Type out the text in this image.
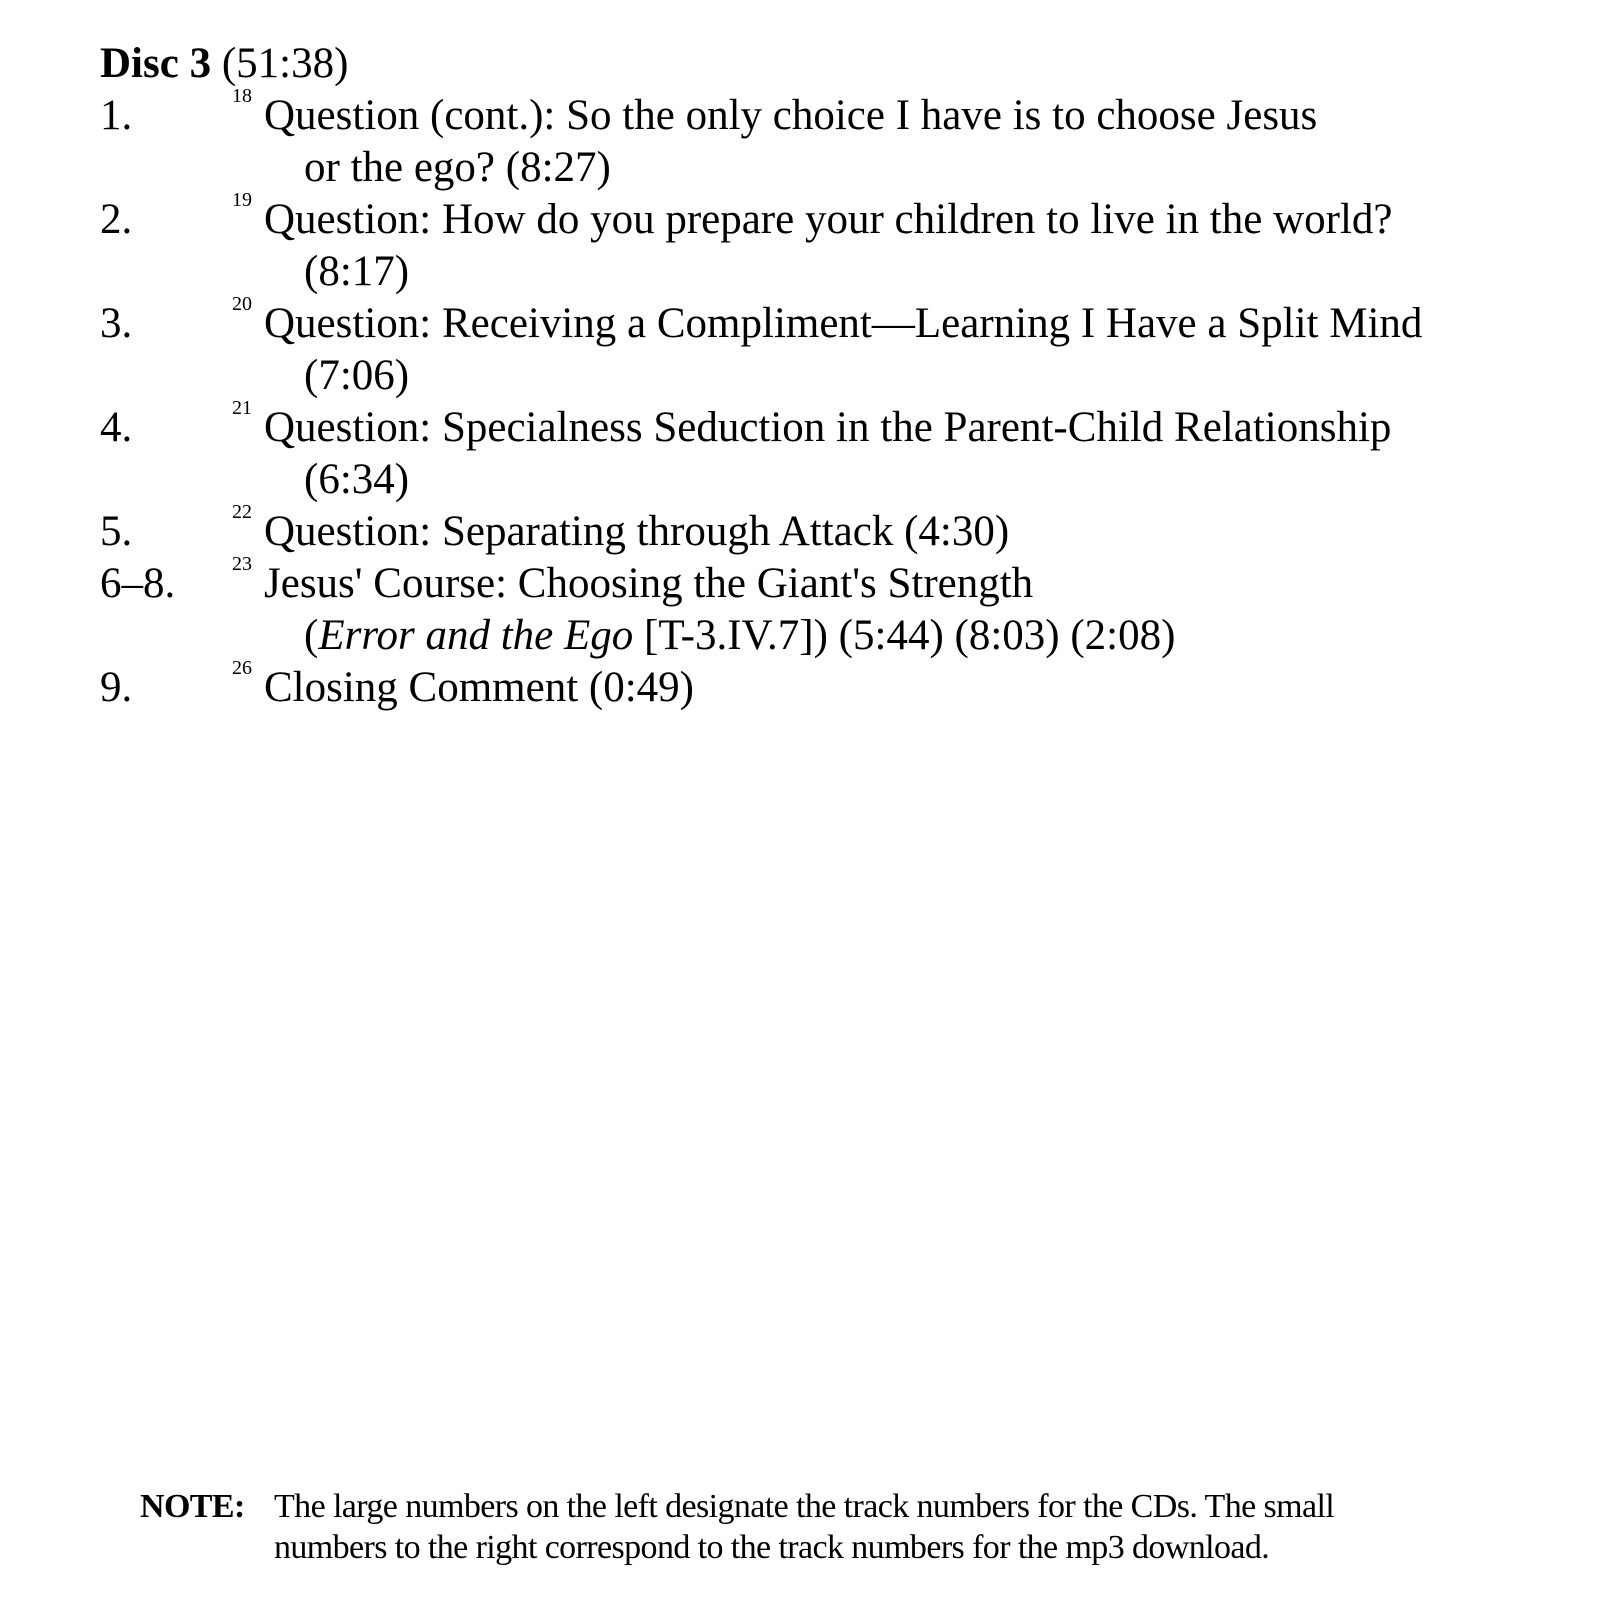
Disc 3 (51:38)
1.	18 Question (cont.): So the only choice I have is to choose Jesus
or the ego? (8:27)
2.	19 Question: How do you prepare your children to live in the world?
(8:17)
3.	20 Question: Receiving a Compliment—Learning I Have a Split Mind
(7:06)
4.	21 Question: Specialness Seduction in the Parent-Child Relationship
(6:34)
5.	22 Question: Separating through Attack (4:30)
6–8.	23 Jesus' Course: Choosing the Giant's Strength
(Error and the Ego [T-3.IV.7]) (5:44) (8:03) (2:08)
9.	26 Closing Comment (0:49)
NOTE: The large numbers on the left designate the track numbers for the CDs. The small
numbers to the right correspond to the track numbers for the mp3 download.
